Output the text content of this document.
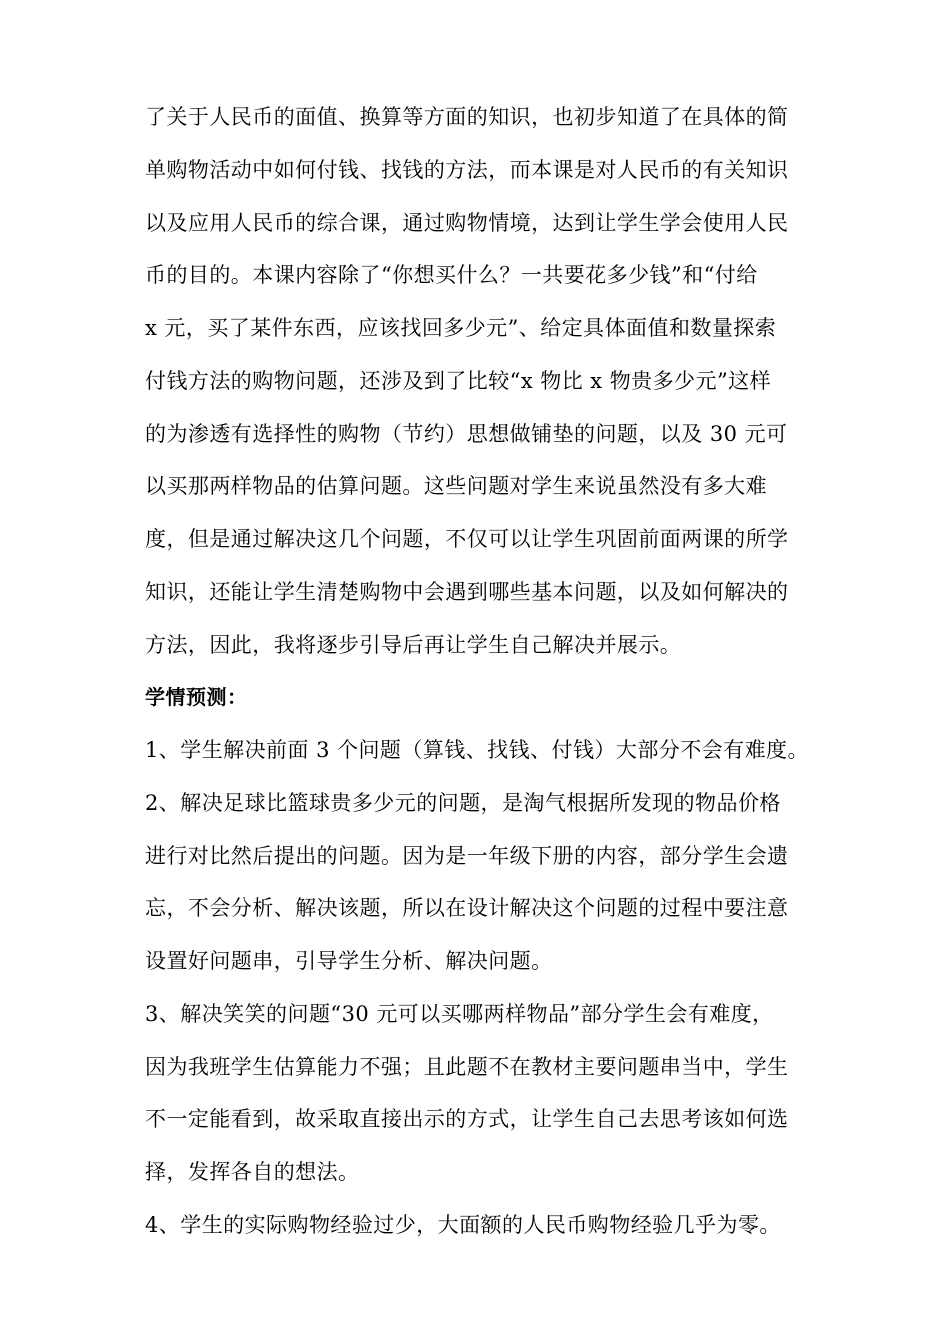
了关于人民币的面值、换算等方面的知识，也初步知道了在具体的简

单购物活动中如何付钱、找钱的方法，而本课是对人民币的有关知识

以及应用人民币的综合课，通过购物情境，达到让学生学会使用人民

币的目的。本课内容除了“你想买什么？一共要花多少钱”和“付给

x 元，买了某件东西，应该找回多少元”、给定具体面值和数量探索

付钱方法的购物问题，还涉及到了比较“x 物比 x 物贵多少元”这样

的为渗透有选择性的购物（节约）思想做铺垫的问题，以及 30 元可

以买那两样物品的估算问题。这些问题对学生来说虽然没有多大难

度，但是通过解决这几个问题，不仅可以让学生巩固前面两课的所学

知识，还能让学生清楚购物中会遇到哪些基本问题，以及如何解决的

方法，因此，我将逐步引导后再让学生自己解决并展示。

学情预测：

1、学生解决前面 3 个问题（算钱、找钱、付钱）大部分不会有难度。

2、解决足球比篮球贵多少元的问题，是淘气根据所发现的物品价格

进行对比然后提出的问题。因为是一年级下册的内容，部分学生会遗

忘，不会分析、解决该题，所以在设计解决这个问题的过程中要注意

设置好问题串，引导学生分析、解决问题。

3、解决笑笑的问题“30 元可以买哪两样物品”部分学生会有难度，

因为我班学生估算能力不强；且此题不在教材主要问题串当中，学生

不一定能看到，故采取直接出示的方式，让学生自己去思考该如何选

择，发挥各自的想法。

4、学生的实际购物经验过少，大面额的人民币购物经验几乎为零。
